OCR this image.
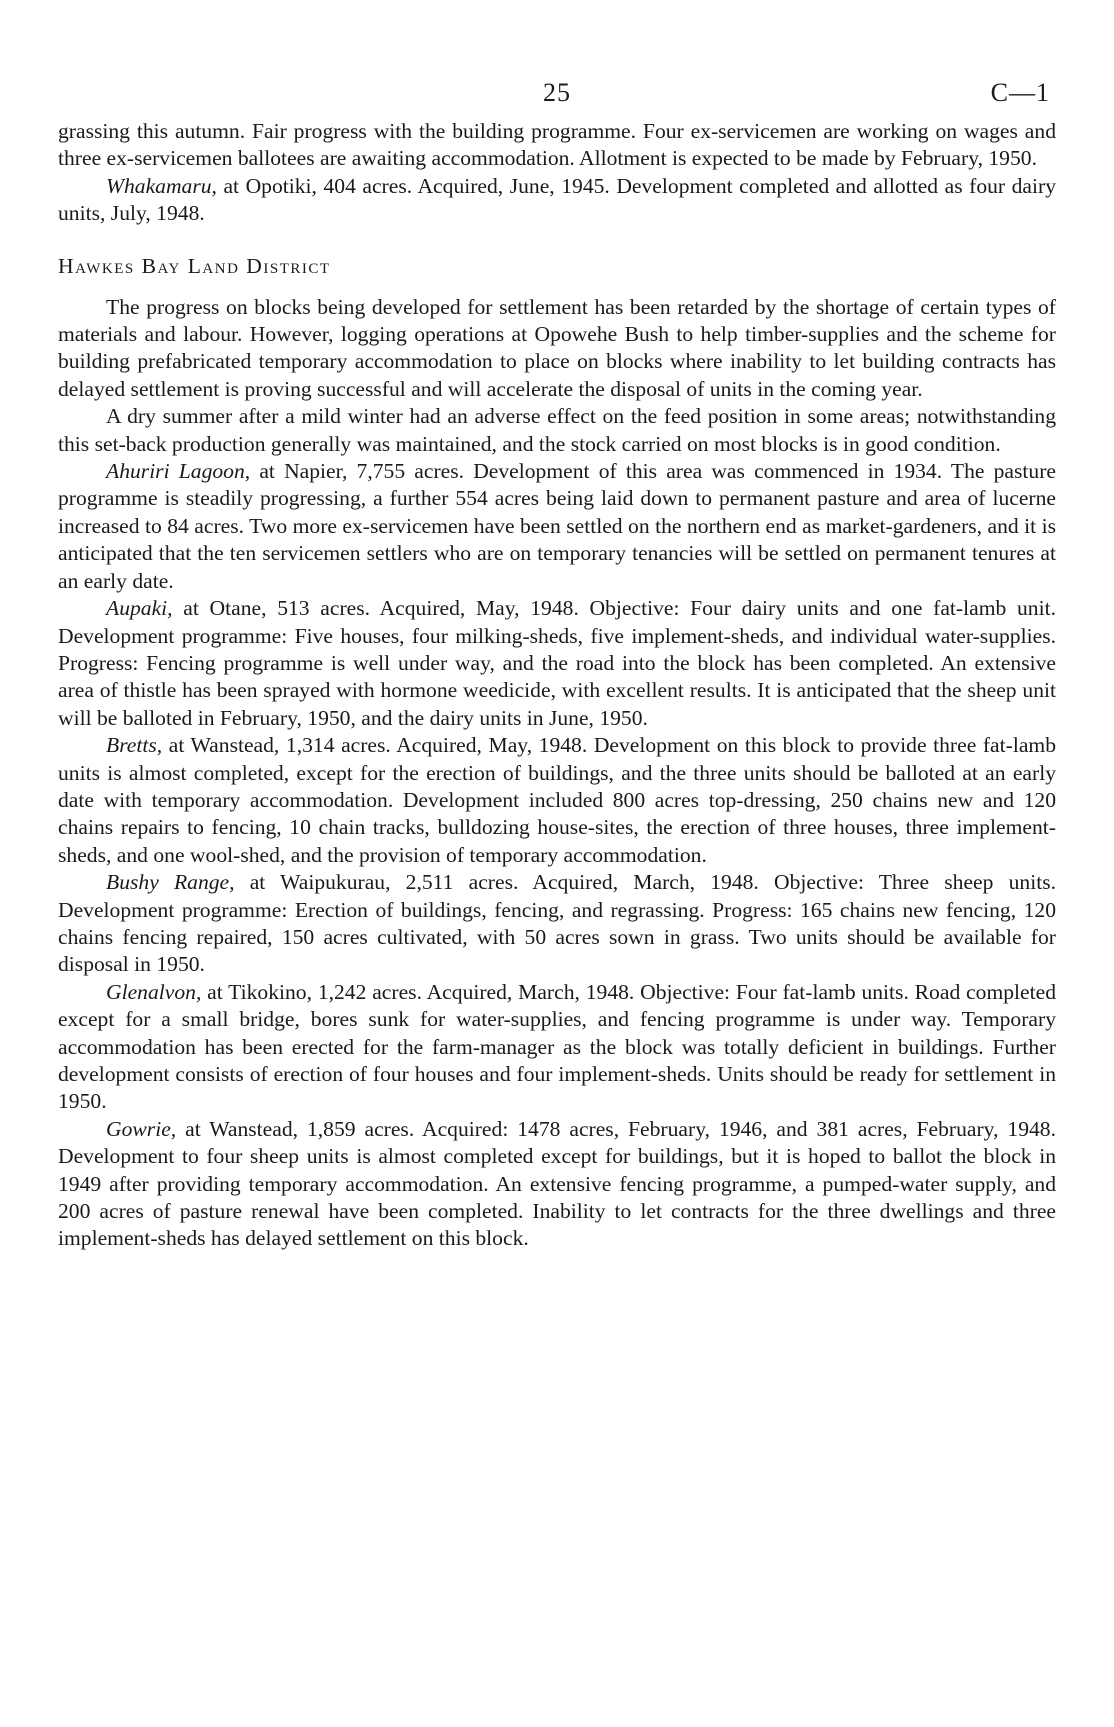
25	C—1

grassing this autumn. Fair progress with the building programme. Four ex-servicemen are working on wages and three ex-servicemen ballotees are awaiting accommodation. Allotment is expected to be made by February, 1950.

Whakamaru, at Opotiki, 404 acres. Acquired, June, 1945. Development completed and allotted as four dairy units, July, 1948.

Hawkes Bay Land District

The progress on blocks being developed for settlement has been retarded by the shortage of certain types of materials and labour. However, logging operations at Opowehe Bush to help timber-supplies and the scheme for building prefabricated temporary accommodation to place on blocks where inability to let building contracts has delayed settlement is proving successful and will accelerate the disposal of units in the coming year.

A dry summer after a mild winter had an adverse effect on the feed position in some areas; notwithstanding this set-back production generally was maintained, and the stock carried on most blocks is in good condition.

Ahuriri Lagoon, at Napier, 7,755 acres. Development of this area was commenced in 1934. The pasture programme is steadily progressing, a further 554 acres being laid down to permanent pasture and area of lucerne increased to 84 acres. Two more ex-servicemen have been settled on the northern end as market-gardeners, and it is anticipated that the ten servicemen settlers who are on temporary tenancies will be settled on permanent tenures at an early date.

Aupaki, at Otane, 513 acres. Acquired, May, 1948. Objective: Four dairy units and one fat-lamb unit. Development programme: Five houses, four milking-sheds, five implement-sheds, and individual water-supplies. Progress: Fencing programme is well under way, and the road into the block has been completed. An extensive area of thistle has been sprayed with hormone weedicide, with excellent results. It is anticipated that the sheep unit will be balloted in February, 1950, and the dairy units in June, 1950.

Bretts, at Wanstead, 1,314 acres. Acquired, May, 1948. Development on this block to provide three fat-lamb units is almost completed, except for the erection of buildings, and the three units should be balloted at an early date with temporary accommodation. Development included 800 acres top-dressing, 250 chains new and 120 chains repairs to fencing, 10 chain tracks, bulldozing house-sites, the erection of three houses, three implement-sheds, and one wool-shed, and the provision of temporary accommodation.

Bushy Range, at Waipukurau, 2,511 acres. Acquired, March, 1948. Objective: Three sheep units. Development programme: Erection of buildings, fencing, and regrassing. Progress: 165 chains new fencing, 120 chains fencing repaired, 150 acres cultivated, with 50 acres sown in grass. Two units should be available for disposal in 1950.

Glenalvon, at Tikokino, 1,242 acres. Acquired, March, 1948. Objective: Four fat-lamb units. Road completed except for a small bridge, bores sunk for water-supplies, and fencing programme is under way. Temporary accommodation has been erected for the farm-manager as the block was totally deficient in buildings. Further development consists of erection of four houses and four implement-sheds. Units should be ready for settlement in 1950.

Gowrie, at Wanstead, 1,859 acres. Acquired: 1478 acres, February, 1946, and 381 acres, February, 1948. Development to four sheep units is almost completed except for buildings, but it is hoped to ballot the block in 1949 after providing temporary accommodation. An extensive fencing programme, a pumped-water supply, and 200 acres of pasture renewal have been completed. Inability to let contracts for the three dwellings and three implement-sheds has delayed settlement on this block.
